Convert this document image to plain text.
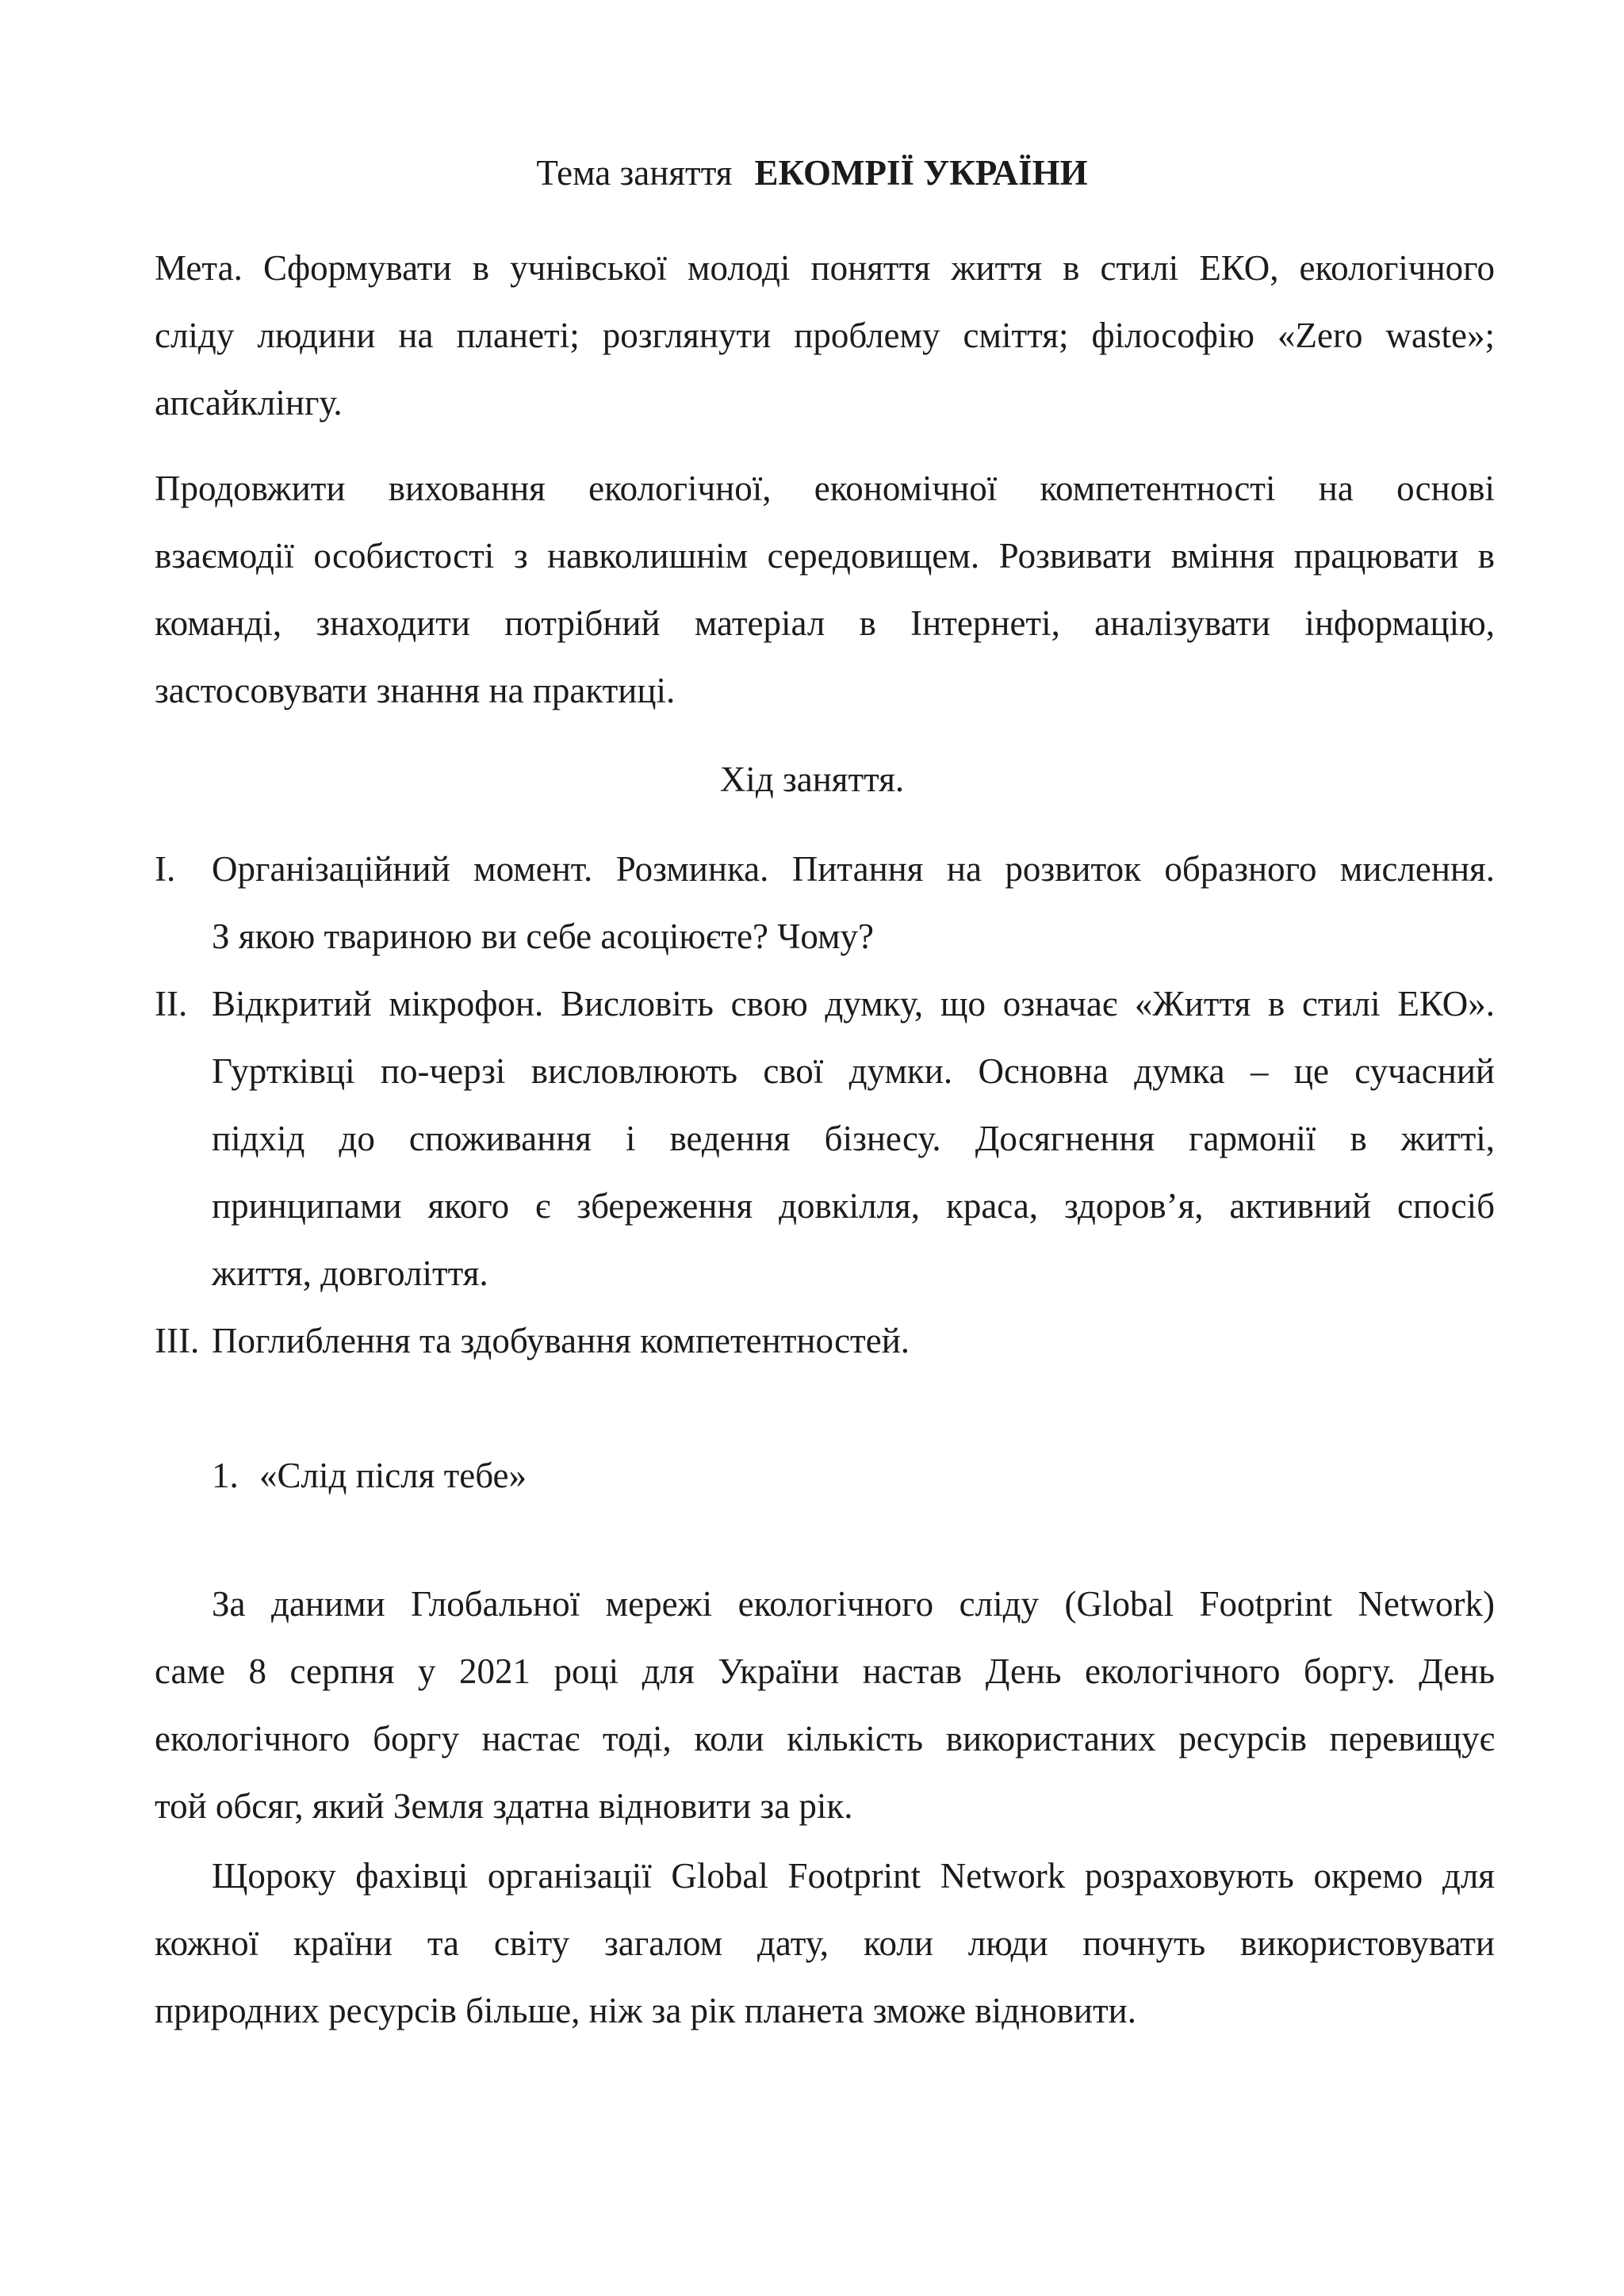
Тема заняття ЕКОМРІЇ УКРАЇНИ
Мета. Сформувати в учнівської молоді поняття життя в стилі ЕКО, екологічного
сліду людини на планеті; розглянути проблему сміття; філософію «Zero waste»;
апсайклінгу.
Продовжити виховання екологічної, економічної компетентності на основі
взаємодії особистості з навколишнім середовищем. Розвивати вміння працювати в
команді, знаходити потрібний матеріал в Інтернеті, аналізувати інформацію,
застосовувати знання на практиці.
Хід заняття.
I. Організаційний момент. Розминка. Питання на розвиток образного мислення.
З якою твариною ви себе асоціюєте? Чому?
II. Відкритий мікрофон. Висловіть свою думку, що означає «Життя в стилі ЕКО».
Гуртківці по-черзі висловлюють свої думки. Основна думка – це сучасний
підхід до споживання і ведення бізнесу. Досягнення гармонії в житті,
принципами якого є збереження довкілля, краса, здоров’я, активний спосіб
життя, довголіття.
III. Поглиблення та здобування компетентностей.
1. «Слід після тебе»
За даними Глобальної мережі екологічного сліду (Global Footprint Network)
саме 8 серпня у 2021 році для України настав День екологічного боргу. День
екологічного боргу настає тоді, коли кількість використаних ресурсів перевищує
той обсяг, який Земля здатна відновити за рік.
Щороку фахівці організації Global Footprint Network розраховують окремо для
кожної країни та світу загалом дату, коли люди почнуть використовувати
природних ресурсів більше, ніж за рік планета зможе відновити.
